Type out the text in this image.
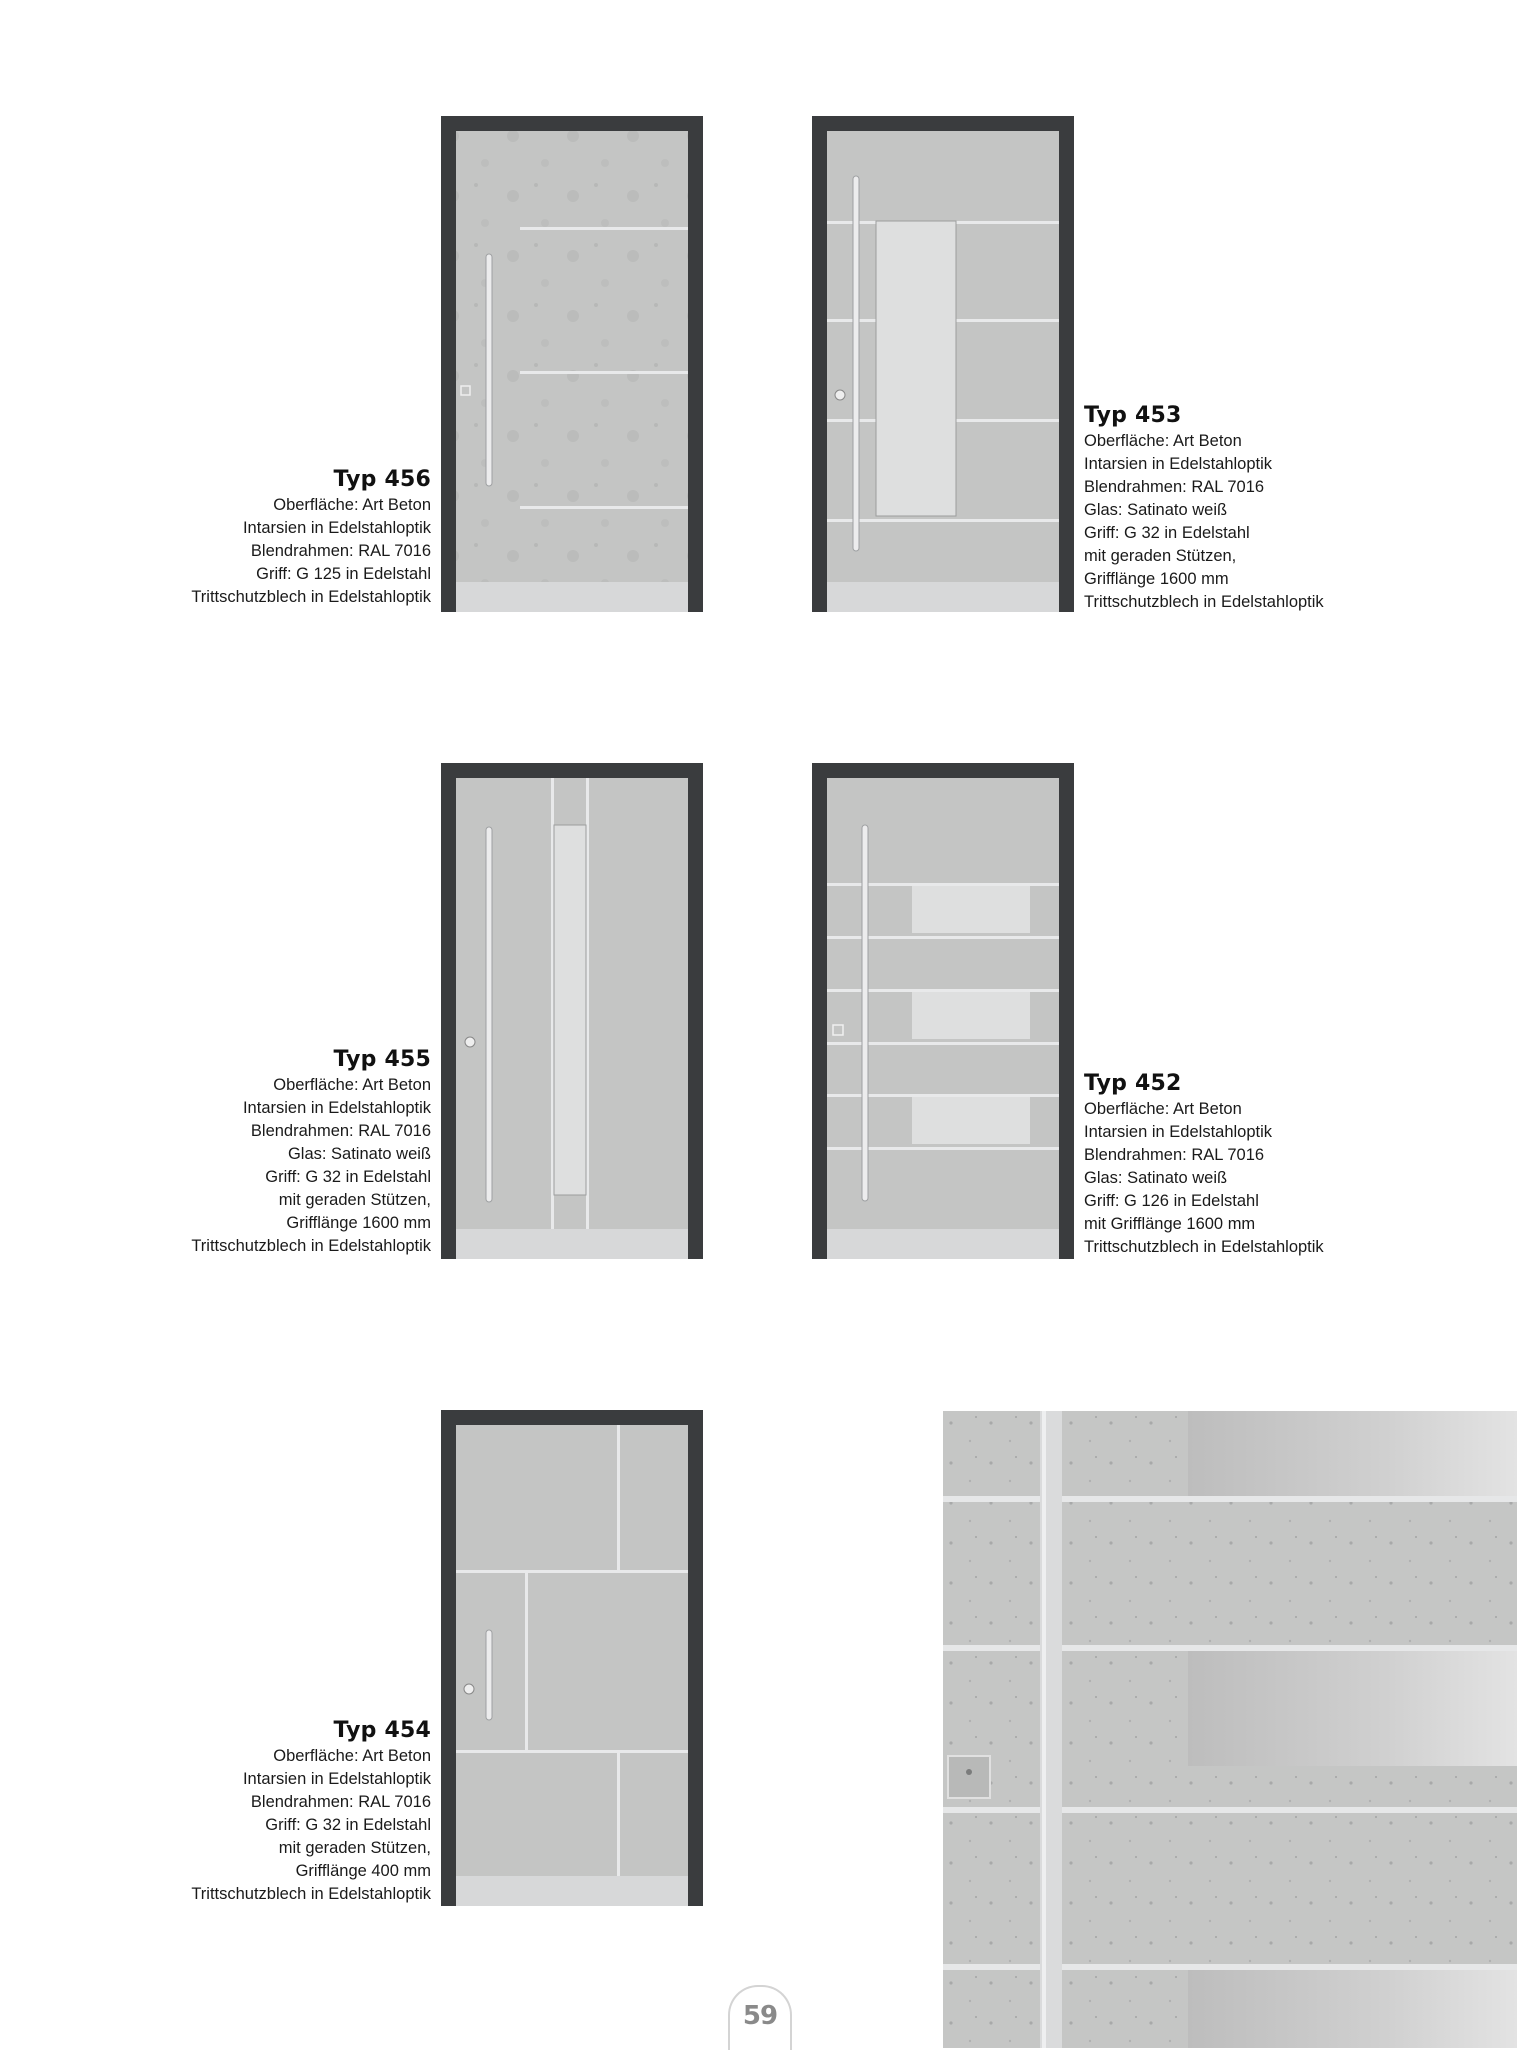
Typ 456
Oberfläche: Art Beton
Intarsien in Edelstahloptik
Blendrahmen: RAL 7016
Griff: G 125 in Edelstahl
Trittschutzblech in Edelstahloptik
Typ 453
Oberfläche: Art Beton
Intarsien in Edelstahloptik
Blendrahmen: RAL 7016
Glas: Satinato weiß
Griff: G 32 in Edelstahl
mit geraden Stützen,
Grifflänge 1600 mm
Trittschutzblech in Edelstahloptik
Typ 455
Oberfläche: Art Beton
Intarsien in Edelstahloptik
Blendrahmen: RAL 7016
Glas: Satinato weiß
Griff: G 32 in Edelstahl
mit geraden Stützen,
Grifflänge 1600 mm
Trittschutzblech in Edelstahloptik
Typ 452
Oberfläche: Art Beton
Intarsien in Edelstahloptik
Blendrahmen: RAL 7016
Glas: Satinato weiß
Griff: G 126 in Edelstahl
mit Grifflänge 1600 mm
Trittschutzblech in Edelstahloptik
Typ 454
Oberfläche: Art Beton
Intarsien in Edelstahloptik
Blendrahmen: RAL 7016
Griff: G 32 in Edelstahl
mit geraden Stützen,
Grifflänge 400 mm
Trittschutzblech in Edelstahloptik
59
